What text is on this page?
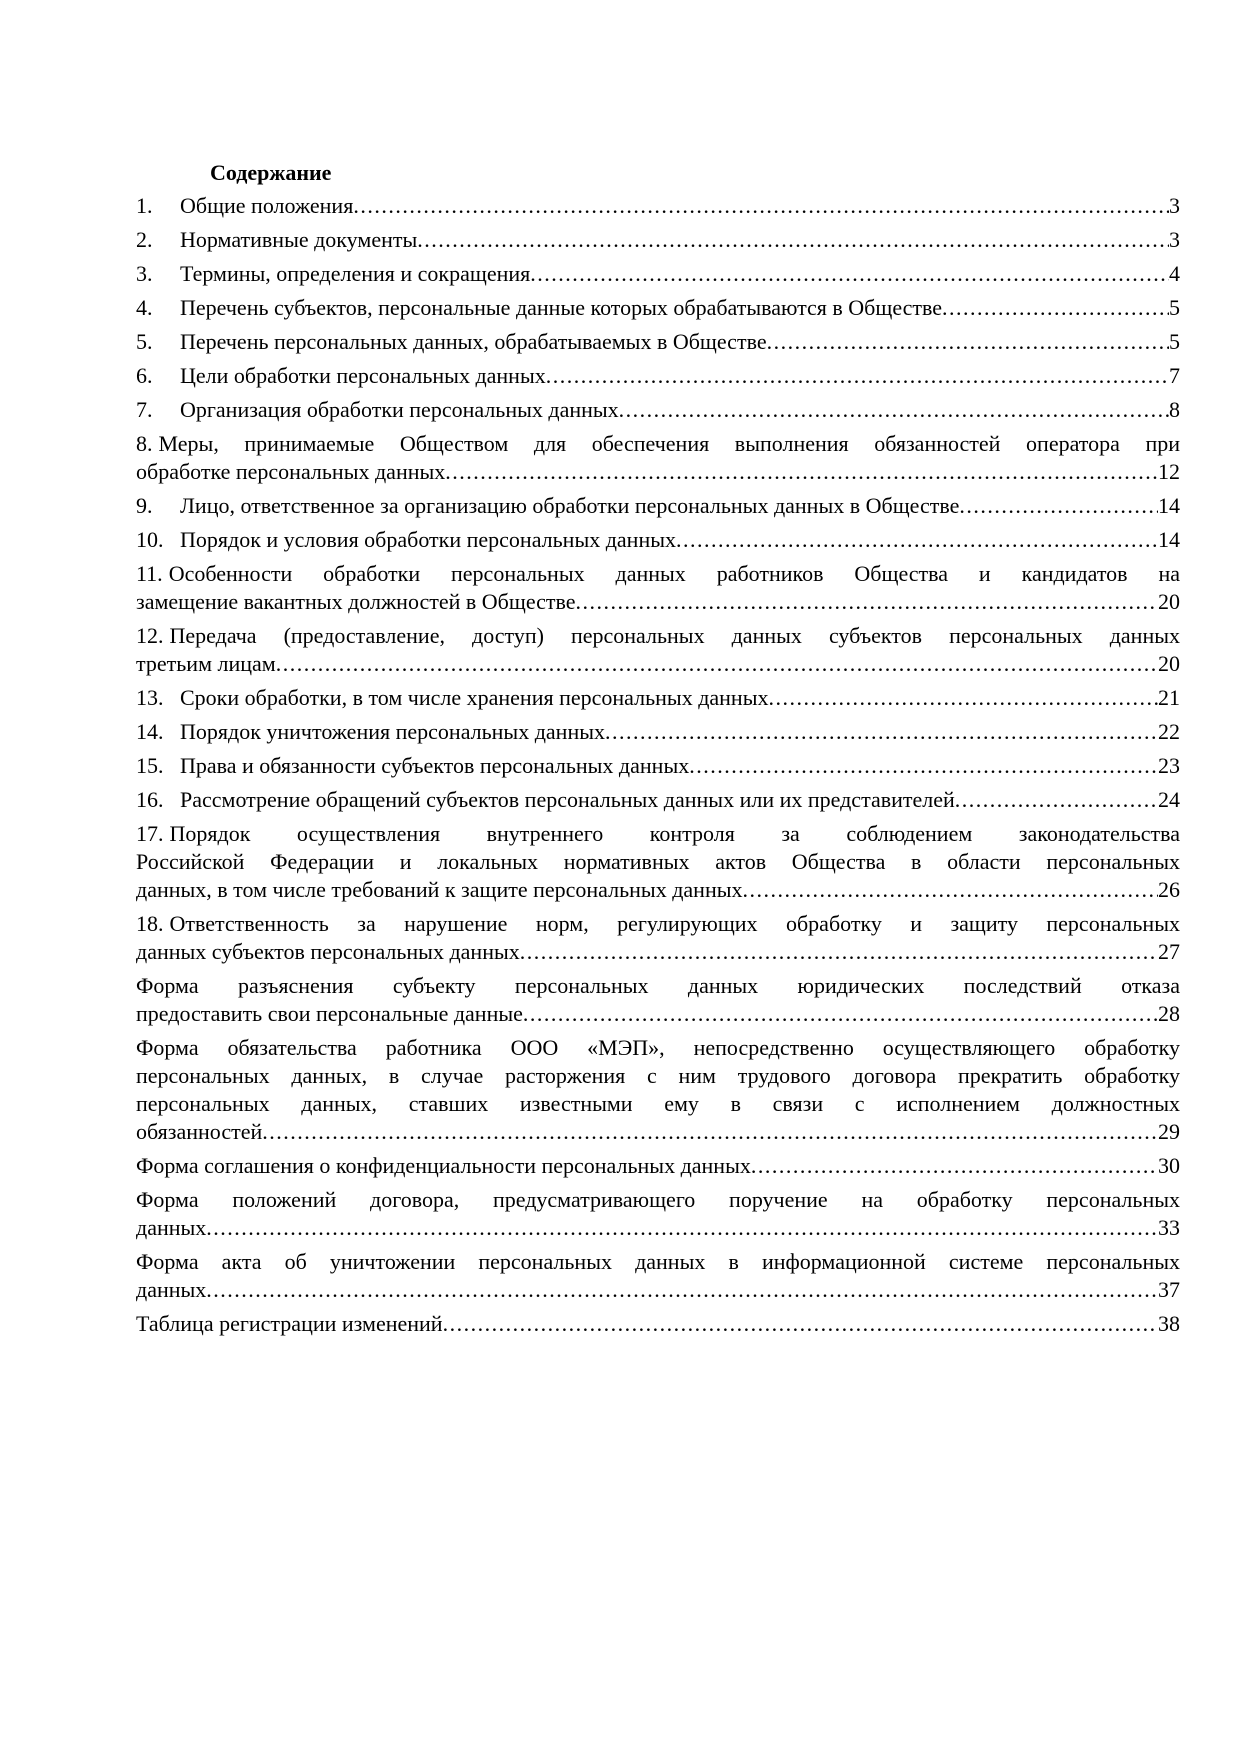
Содержание
1.	Общие положения . . .	3
2.	Нормативные документы . . .	3
3.	Термины, определения и сокращения . . .	4
4.	Перечень субъектов, персональные данные которых обрабатываются в Обществе . . .	5
5.	Перечень персональных данных, обрабатываемых в Обществе . . .	5
6.	Цели обработки персональных данных . . .	7
7.	Организация обработки персональных данных . . .	8
8. Меры, принимаемые Обществом для обеспечения выполнения обязанностей оператора при
обработке персональных данных . . .	12
9.	Лицо, ответственное за организацию обработки персональных данных в Обществе . . .	14
10. Порядок и условия обработки персональных данных . . .	14
11. Особенности обработки персональных данных работников Общества и кандидатов на
замещение вакантных должностей в Обществе . . .	20
12. Передача (предоставление, доступ) персональных данных субъектов персональных данных
третьим лицам . . .	20
13. Сроки обработки, в том числе хранения персональных данных . . .	21
14. Порядок уничтожения персональных данных . . .	22
15. Права и обязанности субъектов персональных данных . . .	23
16. Рассмотрение обращений субъектов персональных данных или их представителей . . .	24
17. Порядок осуществления внутреннего контроля за соблюдением законодательства
Российской Федерации и локальных нормативных актов Общества в области персональных
данных, в том числе требований к защите персональных данных . . .	26
18. Ответственность за нарушение норм, регулирующих обработку и защиту персональных
данных субъектов персональных данных . . .	27
Форма разъяснения субъекту персональных данных юридических последствий отказа
предоставить свои персональные данные . . .	28
Форма обязательства работника ООО «МЭП», непосредственно осуществляющего обработку
персональных данных, в случае расторжения с ним трудового договора прекратить обработку
персональных данных, ставших известными ему в связи с исполнением должностных
обязанностей . . .	29
Форма соглашения о конфиденциальности персональных данных . . .	30
Форма положений договора, предусматривающего поручение на обработку персональных
данных . . .	33
Форма акта об уничтожении персональных данных в информационной системе персональных
данных . . .	37
Таблица регистрации изменений . . .	38
